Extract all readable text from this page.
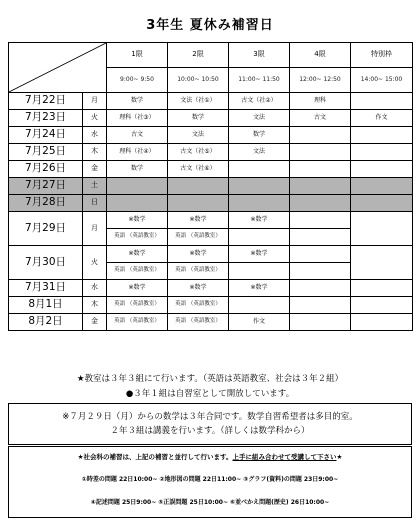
3年生 夏休み補習日
	1限	2限	3限	4限	特別枠
		9:00~ 9:50	10:00~ 10:50	11:00~ 11:50	12:00~ 12:50	14:00~ 15:00
7月22日	月	数学	文法（社①）	古文（社②）	理科	
7月23日	火	理科（社③）	数学	文法	古文	作文
7月24日	水	古文	文法	数学		
7月25日	木	理科（社④）	古文（社⑤）	文法		
7月26日	金	数学	古文（社⑥）			
7月27日	土					
7月28日	日					
7月29日	月	※数学	※数学	※数学		
		英語 （英語教室）	英語 （英語教室）			
7月30日	火	※数学	※数学	※数学		
		英語 （英語教室）	英語 （英語教室）			
7月31日	水	※数学	※数学	※数学		
8月1日	木	英語 （英語教室）	英語 （英語教室）			
8月2日	金	英語 （英語教室）	英語 （英語教室）	作文		
★教室は３年３組にて行います。（英語は英語教室、社会は３年２組）
●３年１組は自習室として開放しています。
※７月２９日（月）からの数学は３年合同です。数学自習希望者は多目的室。
２年３組は講義を行います。（詳しくは数学科から）
★社会科の補習は、上記の補習と並行して行います。上手に組み合わせて受講して下さい★
①時差の問題 22日10:00~ ②地形図の問題 22日11:00~ ③グラフ(資料)の問題 23日9:00~
④記述問題 25日9:00~ ⑤正誤問題 25日10:00~ ⑥並べかえ問題(歴史) 26日10:00~
